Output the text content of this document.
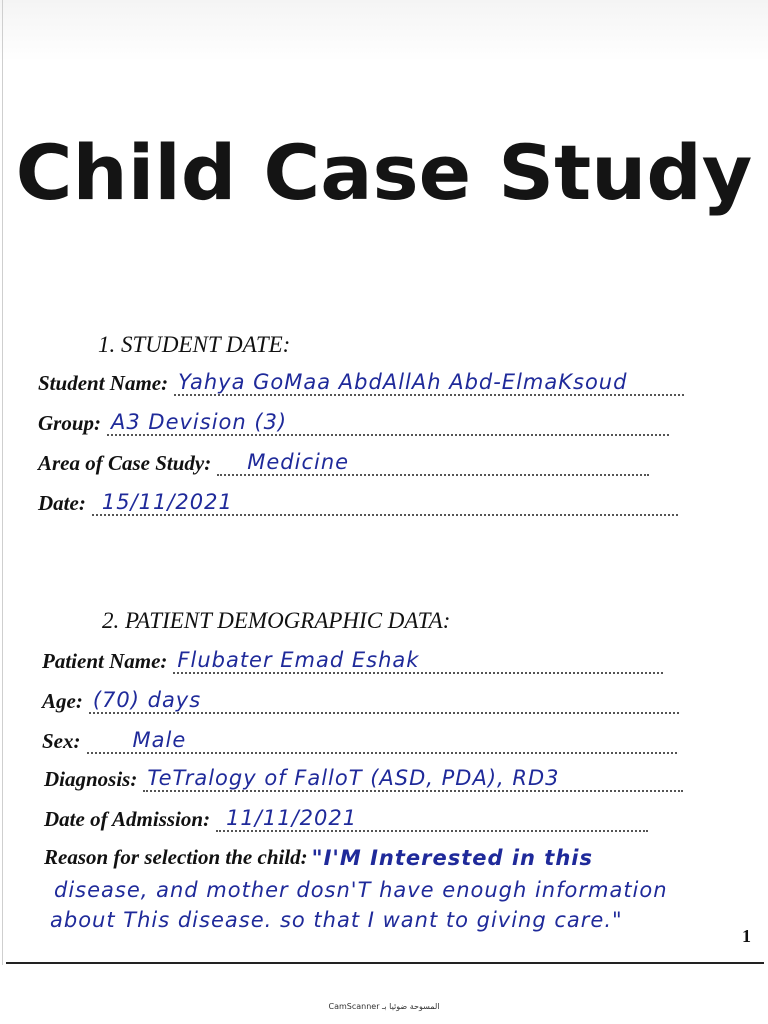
Child Case Study
1. STUDENT DATE:
Student Name: Yahya GoMaa AbdAllAh Abd-ElmaKsoud
Group: A3 Devision (3)
Area of Case Study: Medicine
Date: 15/11/2021
2. PATIENT DEMOGRAPHIC DATA:
Patient Name: Flubater Emad Eshak
Age: (70) days
Sex: Male
Diagnosis: TeTralogy of FalloT (ASD, PDA), RD3
Date of Admission: 11/11/2021
Reason for selection the child: "I'M Interested in this
disease, and mother dosn'T have enough information
about This disease. so that I want to giving care."
1
CamScanner المسوحة ضوئيا بـ
